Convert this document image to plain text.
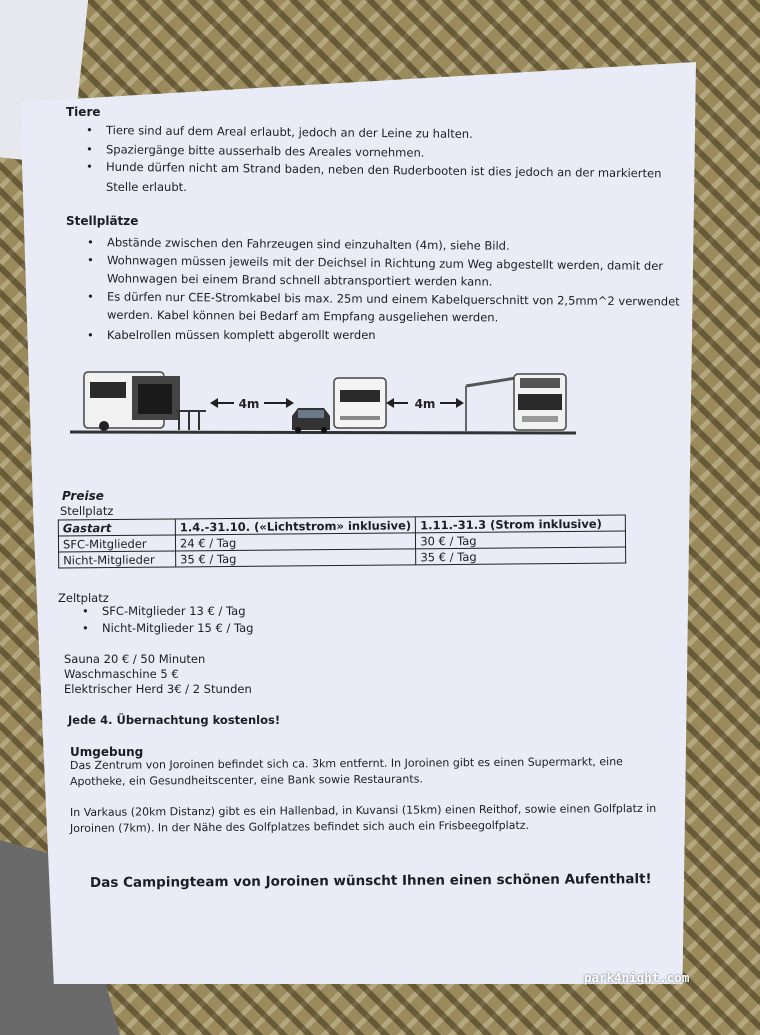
Tiere
• Tiere sind auf dem Areal erlaubt, jedoch an der Leine zu halten.
• Spaziergänge bitte ausserhalb des Areales vornehmen.
• Hunde dürfen nicht am Strand baden, neben den Ruderbooten ist dies jedoch an der markierten
Stelle erlaubt.
Stellplätze
• Abstände zwischen den Fahrzeugen sind einzuhalten (4m), siehe Bild.
• Wohnwagen müssen jeweils mit der Deichsel in Richtung zum Weg abgestellt werden, damit der
Wohnwagen bei einem Brand schnell abtransportiert werden kann.
• Es dürfen nur CEE-Stromkabel bis max. 25m und einem Kabelquerschnitt von 2,5mm^2 verwendet
werden. Kabel können bei Bedarf am Empfang ausgeliehen werden.
• Kabelrollen müssen komplett abgerollt werden
4m	4m
Preise
Stellplatz
Gastart	1.4.-31.10. («Lichtstrom» inklusive)	1.11.-31.3 (Strom inklusive)
SFC-Mitglieder	24 € / Tag	30 € / Tag
Nicht-Mitglieder	35 € / Tag	35 € / Tag
Zeltplatz
• SFC-Mitglieder 13 € / Tag
• Nicht-Mitglieder 15 € / Tag
Sauna 20 € / 50 Minuten
Waschmaschine 5 €
Elektrischer Herd 3€ / 2 Stunden
Jede 4. Übernachtung kostenlos!
Umgebung
Das Zentrum von Joroinen befindet sich ca. 3km entfernt. In Joroinen gibt es einen Supermarkt, eine
Apotheke, ein Gesundheitscenter, eine Bank sowie Restaurants.
In Varkaus (20km Distanz) gibt es ein Hallenbad, in Kuvansi (15km) einen Reithof, sowie einen Golfplatz in
Joroinen (7km). In der Nähe des Golfplatzes befindet sich auch ein Frisbeegolfplatz.
Das Campingteam von Joroinen wünscht Ihnen einen schönen Aufenthalt!
park4night.com
